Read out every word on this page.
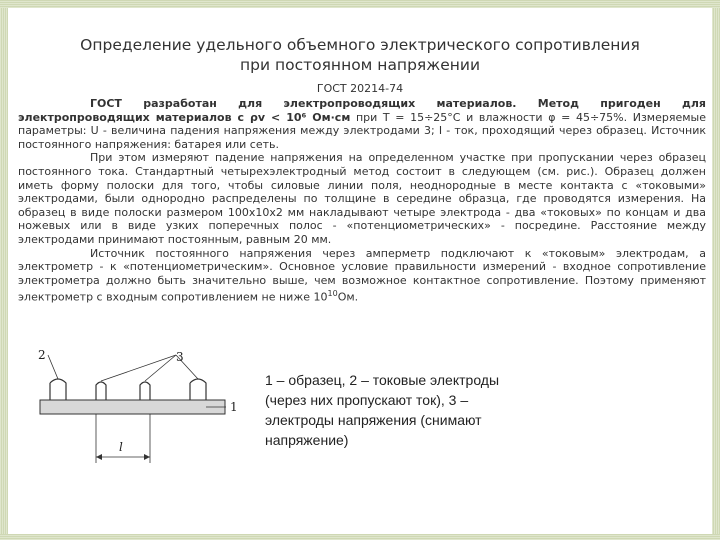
Определение удельного объемного электрического сопротивления
при постоянном напряжении
ГОСТ 20214-74

ГОСТ разработан для электропроводящих материалов. Метод пригоден для электропроводящих материалов с ρv < 10⁶ Ом·см при Т = 15÷25°С и влажности φ = 45÷75%. Измеряемые параметры: U - величина падения напряжения между электродами 3; I - ток, проходящий через образец. Источник постоянного напряжения: батарея или сеть.

При этом измеряют падение напряжения на определенном участке при пропускании через образец постоянного тока. Стандартный четырехэлектродный метод состоит в следующем (см. рис.). Образец должен иметь форму полоски для того, чтобы силовые линии поля, неоднородные в месте контакта с «токовыми» электродами, были однородно распределены по толщине в середине образца, где проводятся измерения. На образец в виде полоски размером 100х10х2 мм накладывают четыре электрода - два «токовых» по концам и два ножевых или в виде узких поперечных полос - «потенциометрических» - посредине. Расстояние между электродами принимают постоянным, равным 20 мм.

Источник постоянного напряжения через амперметр подключают к «токовым» электродам, а электрометр - к «потенциометрическим». Основное условие правильности измерений - входное сопротивление электрометра должно быть значительно выше, чем возможное контактное сопротивление. Поэтому применяют электрометр с входным сопротивлением не ниже $10^{10}Ом$.

2	3
1
l
1 – образец, 2 – токовые электроды (через них пропускают ток), 3 – электроды напряжения (снимают напряжение)
